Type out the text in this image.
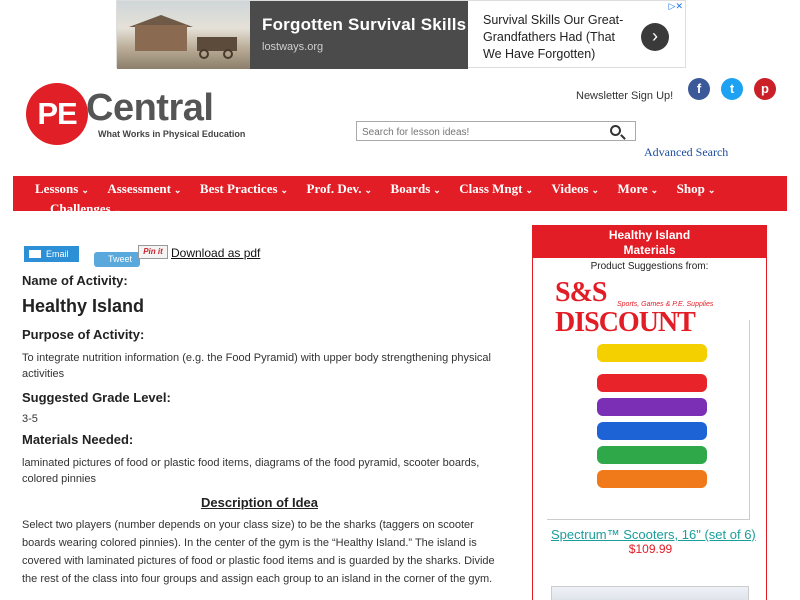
Forgotten Survival Skills
lostways.org
Survival Skills Our Great-Grandfathers Had (That We Have Forgotten)
›
▷✕
PE Central
What Works in Physical Education
Newsletter Sign Up!	f	t	p
Search for lesson ideas!
Advanced Search
Lessons ⌄ Assessment ⌄ Best Practices ⌄ Prof. Dev. ⌄ Boards ⌄ Class Mngt ⌄ Videos ⌄ More ⌄ Shop ⌄
Challenges ⌄
Email	Tweet
Pin it Download as pdf
Name of Activity:
Healthy Island
Purpose of Activity:
To integrate nutrition information (e.g. the Food Pyramid) with upper body strengthening physical activities
Suggested Grade Level:
3-5
Materials Needed:
laminated pictures of food or plastic food items, diagrams of the food pyramid, scooter boards, colored pinnies
Description of Idea
Select two players (number depends on your class size) to be the sharks (taggers on scooter boards wearing colored pinnies). In the center of the gym is the “Healthy Island.” The island is covered with laminated pictures of food or plastic food items and is guarded by the sharks. Divide the rest of the class into four groups and assign each group to an island in the corner of the gym.
Healthy Island
Materials
Product Suggestions from:
S&S DISCOUNT
Sports, Games & P.E. Supplies
Spectrum™ Scooters, 16" (set of 6)
$109.99
